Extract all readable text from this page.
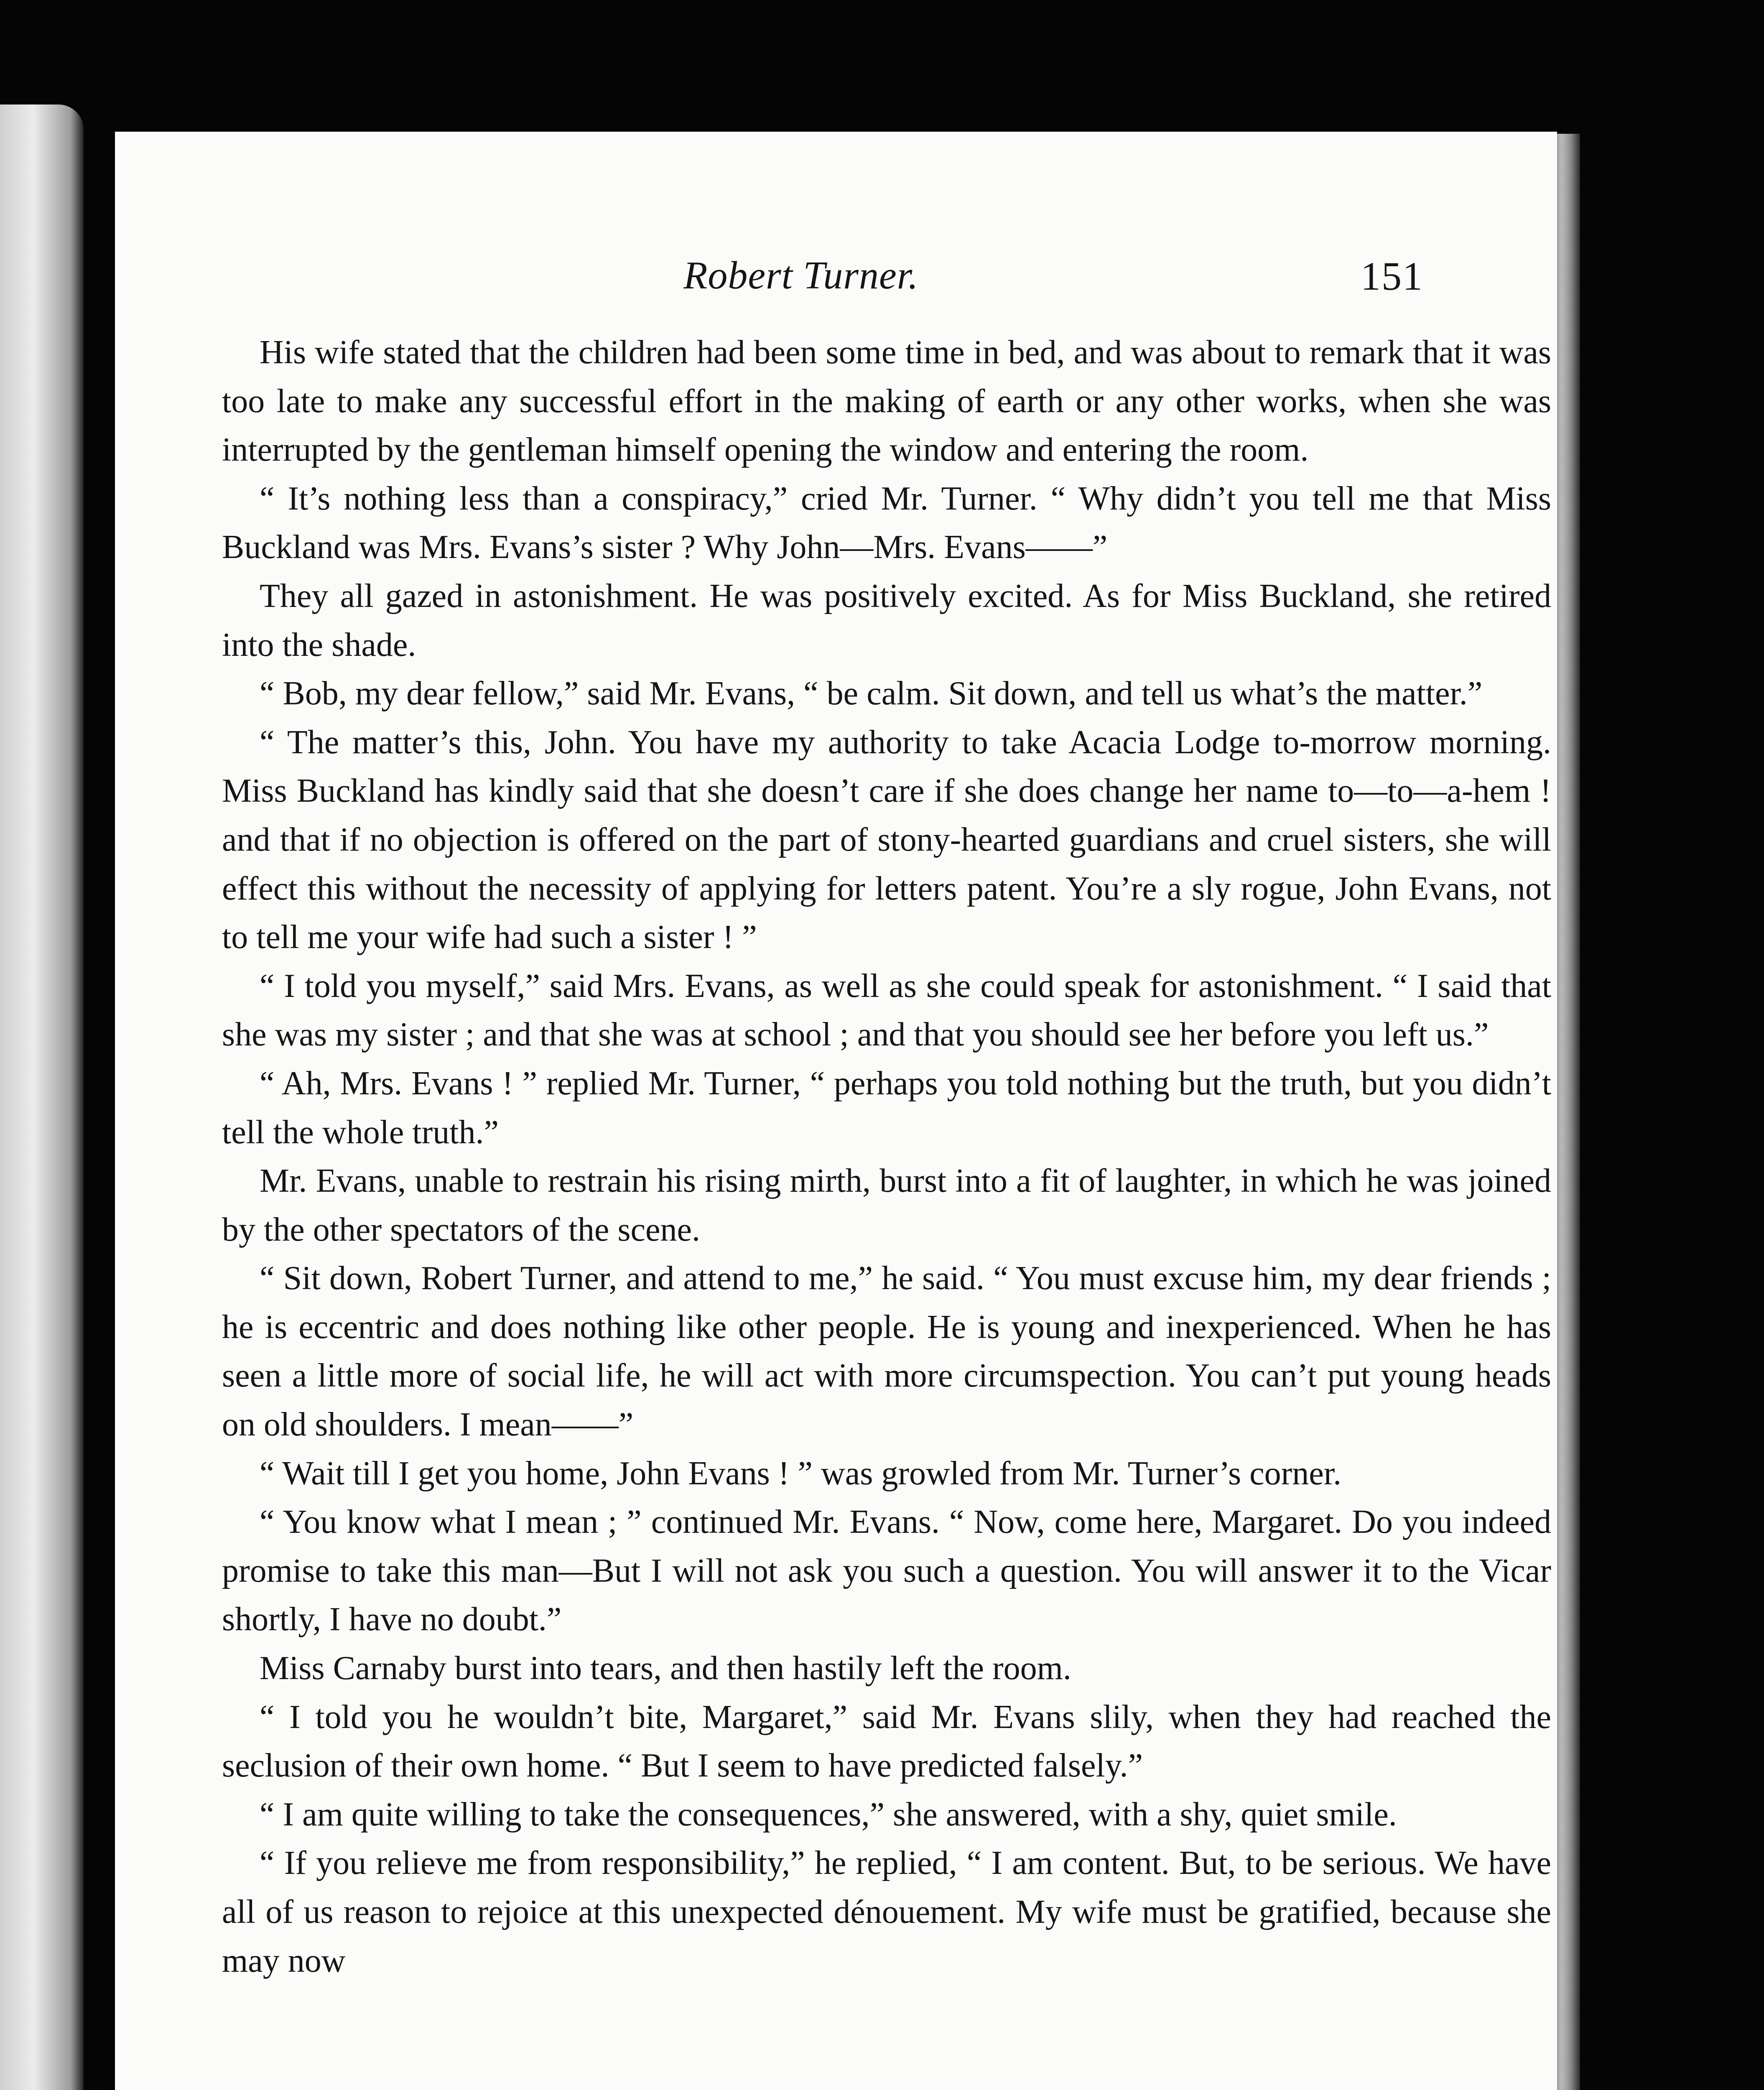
Robert Turner.	151

His wife stated that the children had been some time in bed, and was about to remark that it was too late to make any successful effort in the making of earth or any other works, when she was interrupted by the gentleman himself opening the window and entering the room.

“ It’s nothing less than a conspiracy,” cried Mr. Turner. “ Why didn’t you tell me that Miss Buckland was Mrs. Evans’s sister ? Why John—Mrs. Evans——”

They all gazed in astonishment. He was positively excited. As for Miss Buckland, she retired into the shade.

“ Bob, my dear fellow,” said Mr. Evans, “ be calm. Sit down, and tell us what’s the matter.”

“ The matter’s this, John. You have my authority to take Acacia Lodge to-morrow morning. Miss Buckland has kindly said that she doesn’t care if she does change her name to—to—a-hem ! and that if no objection is offered on the part of stony-hearted guardians and cruel sisters, she will effect this without the necessity of applying for letters patent. You’re a sly rogue, John Evans, not to tell me your wife had such a sister ! ”

“ I told you myself,” said Mrs. Evans, as well as she could speak for astonishment. “ I said that she was my sister ; and that she was at school ; and that you should see her before you left us.”

“ Ah, Mrs. Evans ! ” replied Mr. Turner, “ perhaps you told nothing but the truth, but you didn’t tell the whole truth.”

Mr. Evans, unable to restrain his rising mirth, burst into a fit of laughter, in which he was joined by the other spectators of the scene.

“ Sit down, Robert Turner, and attend to me,” he said. “ You must excuse him, my dear friends ; he is eccentric and does nothing like other people. He is young and inexperienced. When he has seen a little more of social life, he will act with more circumspection. You can’t put young heads on old shoulders. I mean——”

“ Wait till I get you home, John Evans ! ” was growled from Mr. Turner’s corner.

“ You know what I mean ; ” continued Mr. Evans. “ Now, come here, Margaret. Do you indeed promise to take this man—But I will not ask you such a question. You will answer it to the Vicar shortly, I have no doubt.”

Miss Carnaby burst into tears, and then hastily left the room.

“ I told you he wouldn’t bite, Margaret,” said Mr. Evans slily, when they had reached the seclusion of their own home. “ But I seem to have predicted falsely.”

“ I am quite willing to take the consequences,” she answered, with a shy, quiet smile.

“ If you relieve me from responsibility,” he replied, “ I am content. But, to be serious. We have all of us reason to rejoice at this unexpected dénouement. My wife must be gratified, because she may now
